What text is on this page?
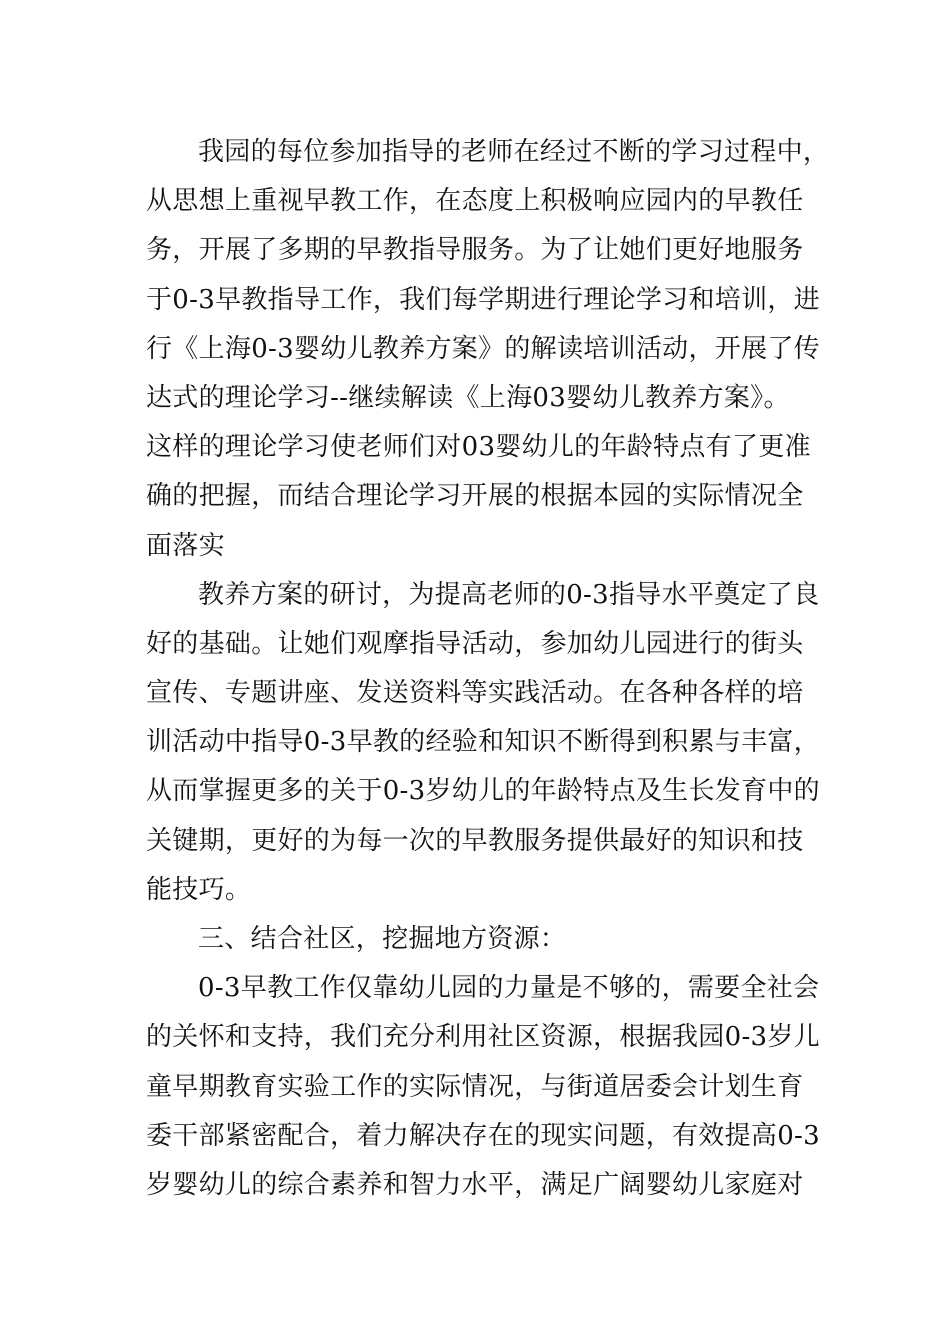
我园的每位参加指导的老师在经过不断的学习过程中，
从思想上重视早教工作，在态度上积极响应园内的早教任
务，开展了多期的早教指导服务。为了让她们更好地服务
于0-3早教指导工作，我们每学期进行理论学习和培训，进
行《上海0-3婴幼儿教养方案》的解读培训活动，开展了传
达式的理论学习--继续解读《上海03婴幼儿教养方案》。
这样的理论学习使老师们对03婴幼儿的年龄特点有了更准
确的把握，而结合理论学习开展的根据本园的实际情况全
面落实
教养方案的研讨，为提高老师的0-3指导水平奠定了良
好的基础。让她们观摩指导活动，参加幼儿园进行的街头
宣传、专题讲座、发送资料等实践活动。在各种各样的培
训活动中指导0-3早教的经验和知识不断得到积累与丰富，
从而掌握更多的关于0-3岁幼儿的年龄特点及生长发育中的
关键期，更好的为每一次的早教服务提供最好的知识和技
能技巧。
三、结合社区，挖掘地方资源：
0-3早教工作仅靠幼儿园的力量是不够的，需要全社会
的关怀和支持，我们充分利用社区资源，根据我园0-3岁儿
童早期教育实验工作的实际情况，与街道居委会计划生育
委干部紧密配合，着力解决存在的现实问题，有效提高0-3
岁婴幼儿的综合素养和智力水平，满足广阔婴幼儿家庭对
